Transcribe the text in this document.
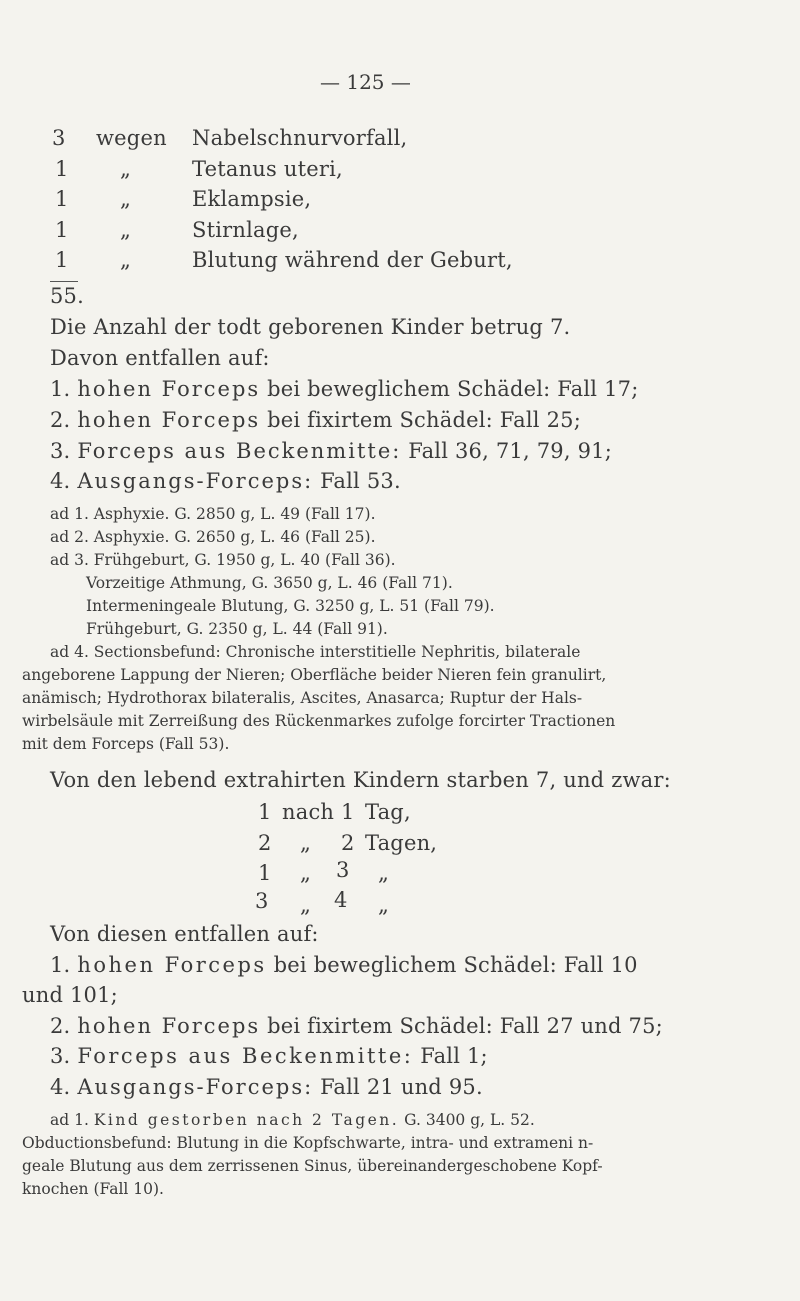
— 125 —
3 wegen Nabelschnurvorfall,
1 „	Tetanus uteri,
1 „	Eklampsie,
1 „	Stirnlage,
1 „	Blutung während der Geburt,
55.
Die Anzahl der todt geborenen Kinder betrug 7.
Davon entfallen auf:
1. hohen Forceps bei beweglichem Schädel: Fall 17;
2. hohen Forceps bei fixirtem Schädel: Fall 25;
3. Forceps aus Beckenmitte: Fall 36, 71, 79, 91;
4. Ausgangs-Forceps: Fall 53.
ad 1. Asphyxie. G. 2850 g, L. 49 (Fall 17).
ad 2. Asphyxie. G. 2650 g, L. 46 (Fall 25).
ad 3. Frühgeburt, G. 1950 g, L. 40 (Fall 36).
Vorzeitige Athmung, G. 3650 g, L. 46 (Fall 71).
Intermeningeale Blutung, G. 3250 g, L. 51 (Fall 79).
Frühgeburt, G. 2350 g, L. 44 (Fall 91).
ad 4. Sectionsbefund: Chronische interstitielle Nephritis, bilaterale
angeborene Lappung der Nieren; Oberfläche beider Nieren fein granulirt,
anämisch; Hydrothorax bilateralis, Ascites, Anasarca; Ruptur der Hals-
wirbelsäule mit Zerreißung des Rückenmarkes zufolge forcirter Tractionen
mit dem Forceps (Fall 53).
Von den lebend extrahirten Kindern starben 7, und zwar:
1 nach 1 Tag,
2 „ 2 Tagen,
1 „ 3 „
3 „ 4 „
Von diesen entfallen auf:
1. hohen Forceps bei beweglichem Schädel: Fall 10
und 101;
2. hohen Forceps bei fixirtem Schädel: Fall 27 und 75;
3. Forceps aus Beckenmitte: Fall 1;
4. Ausgangs-Forceps: Fall 21 und 95.
ad 1. Kind gestorben nach 2 Tagen. G. 3400 g, L. 52.
Obductionsbefund: Blutung in die Kopfschwarte, intra- und extrameni n-
geale Blutung aus dem zerrissenen Sinus, übereinandergeschobene Kopf-
knochen (Fall 10).
